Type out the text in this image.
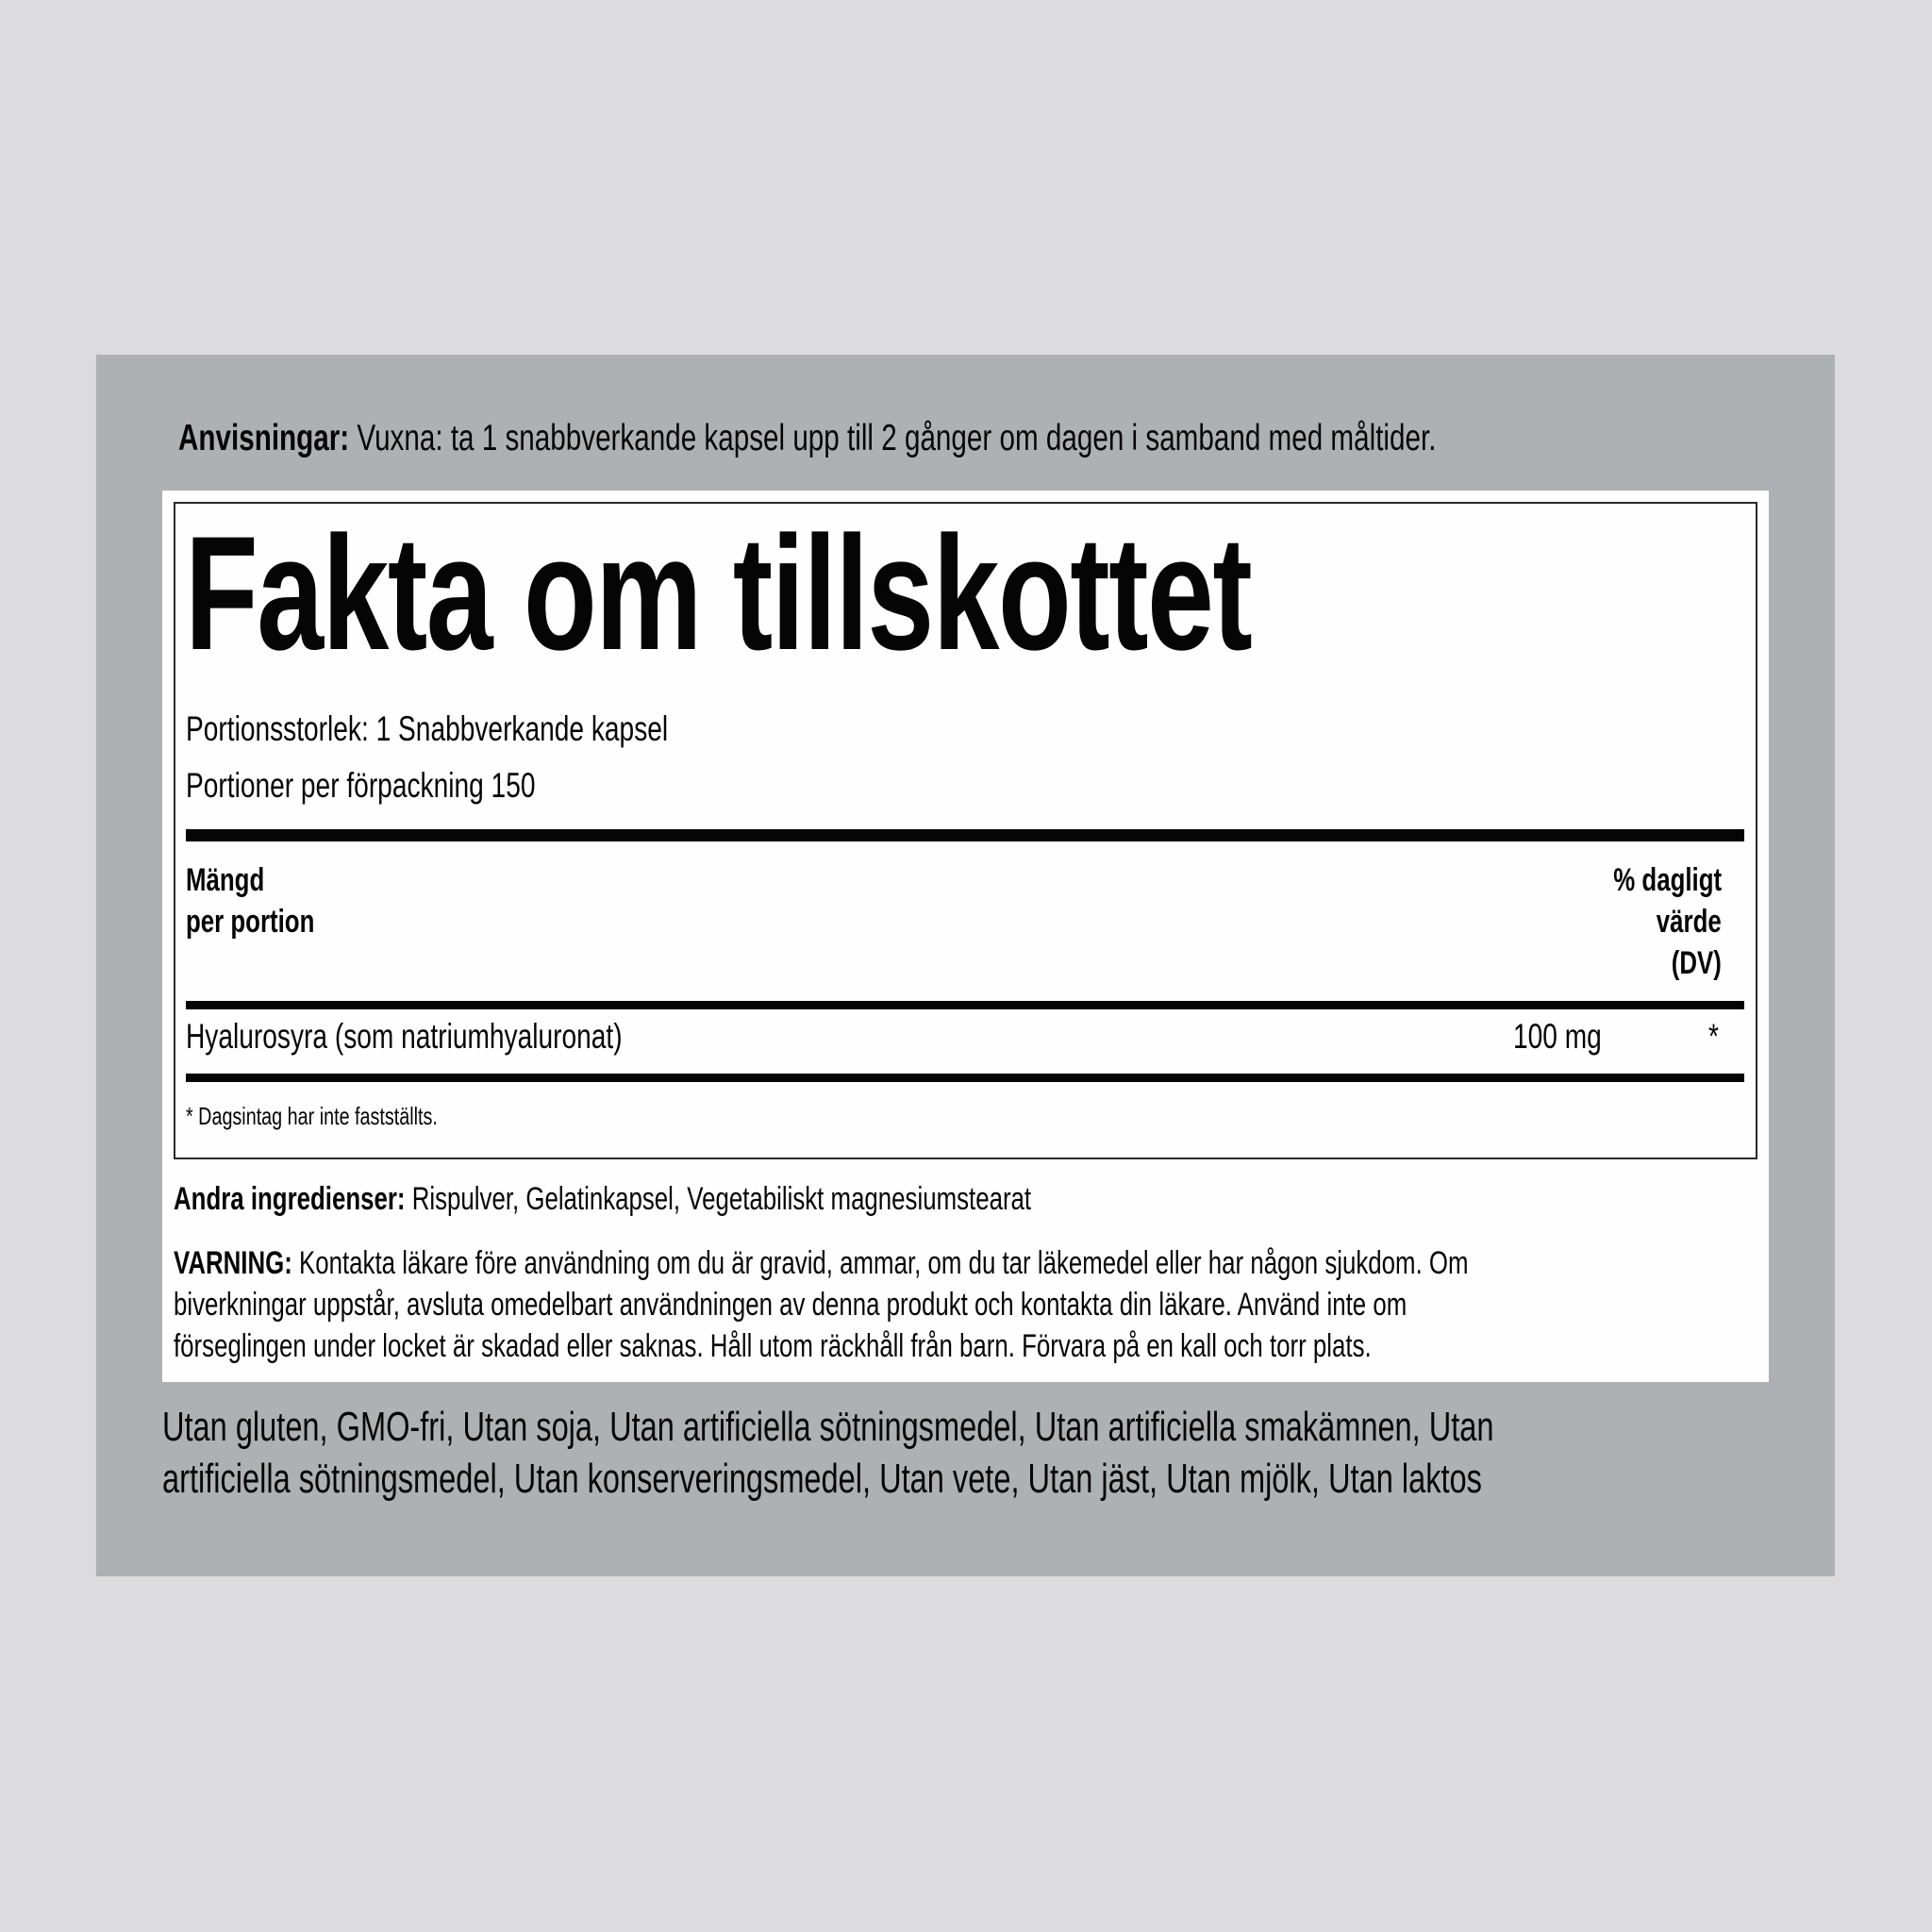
Anvisningar: Vuxna: ta 1 snabbverkande kapsel upp till 2 gånger om dagen i samband med måltider.
Fakta om tillskottet
Portionsstorlek: 1 Snabbverkande kapsel
Portioner per förpackning 150
Mängd
per portion
% dagligt
värde
(DV)
Hyalurosyra (som natriumhyaluronat)	100 mg	*
* Dagsintag har inte fastställts.
Andra ingredienser: Rispulver, Gelatinkapsel, Vegetabiliskt magnesiumstearat
VARNING: Kontakta läkare före användning om du är gravid, ammar, om du tar läkemedel eller har någon sjukdom. Om
biverkningar uppstår, avsluta omedelbart användningen av denna produkt och kontakta din läkare. Använd inte om
förseglingen under locket är skadad eller saknas. Håll utom räckhåll från barn. Förvara på en kall och torr plats.
Utan gluten, GMO-fri, Utan soja, Utan artificiella sötningsmedel, Utan artificiella smakämnen, Utan
artificiella sötningsmedel, Utan konserveringsmedel, Utan vete, Utan jäst, Utan mjölk, Utan laktos
